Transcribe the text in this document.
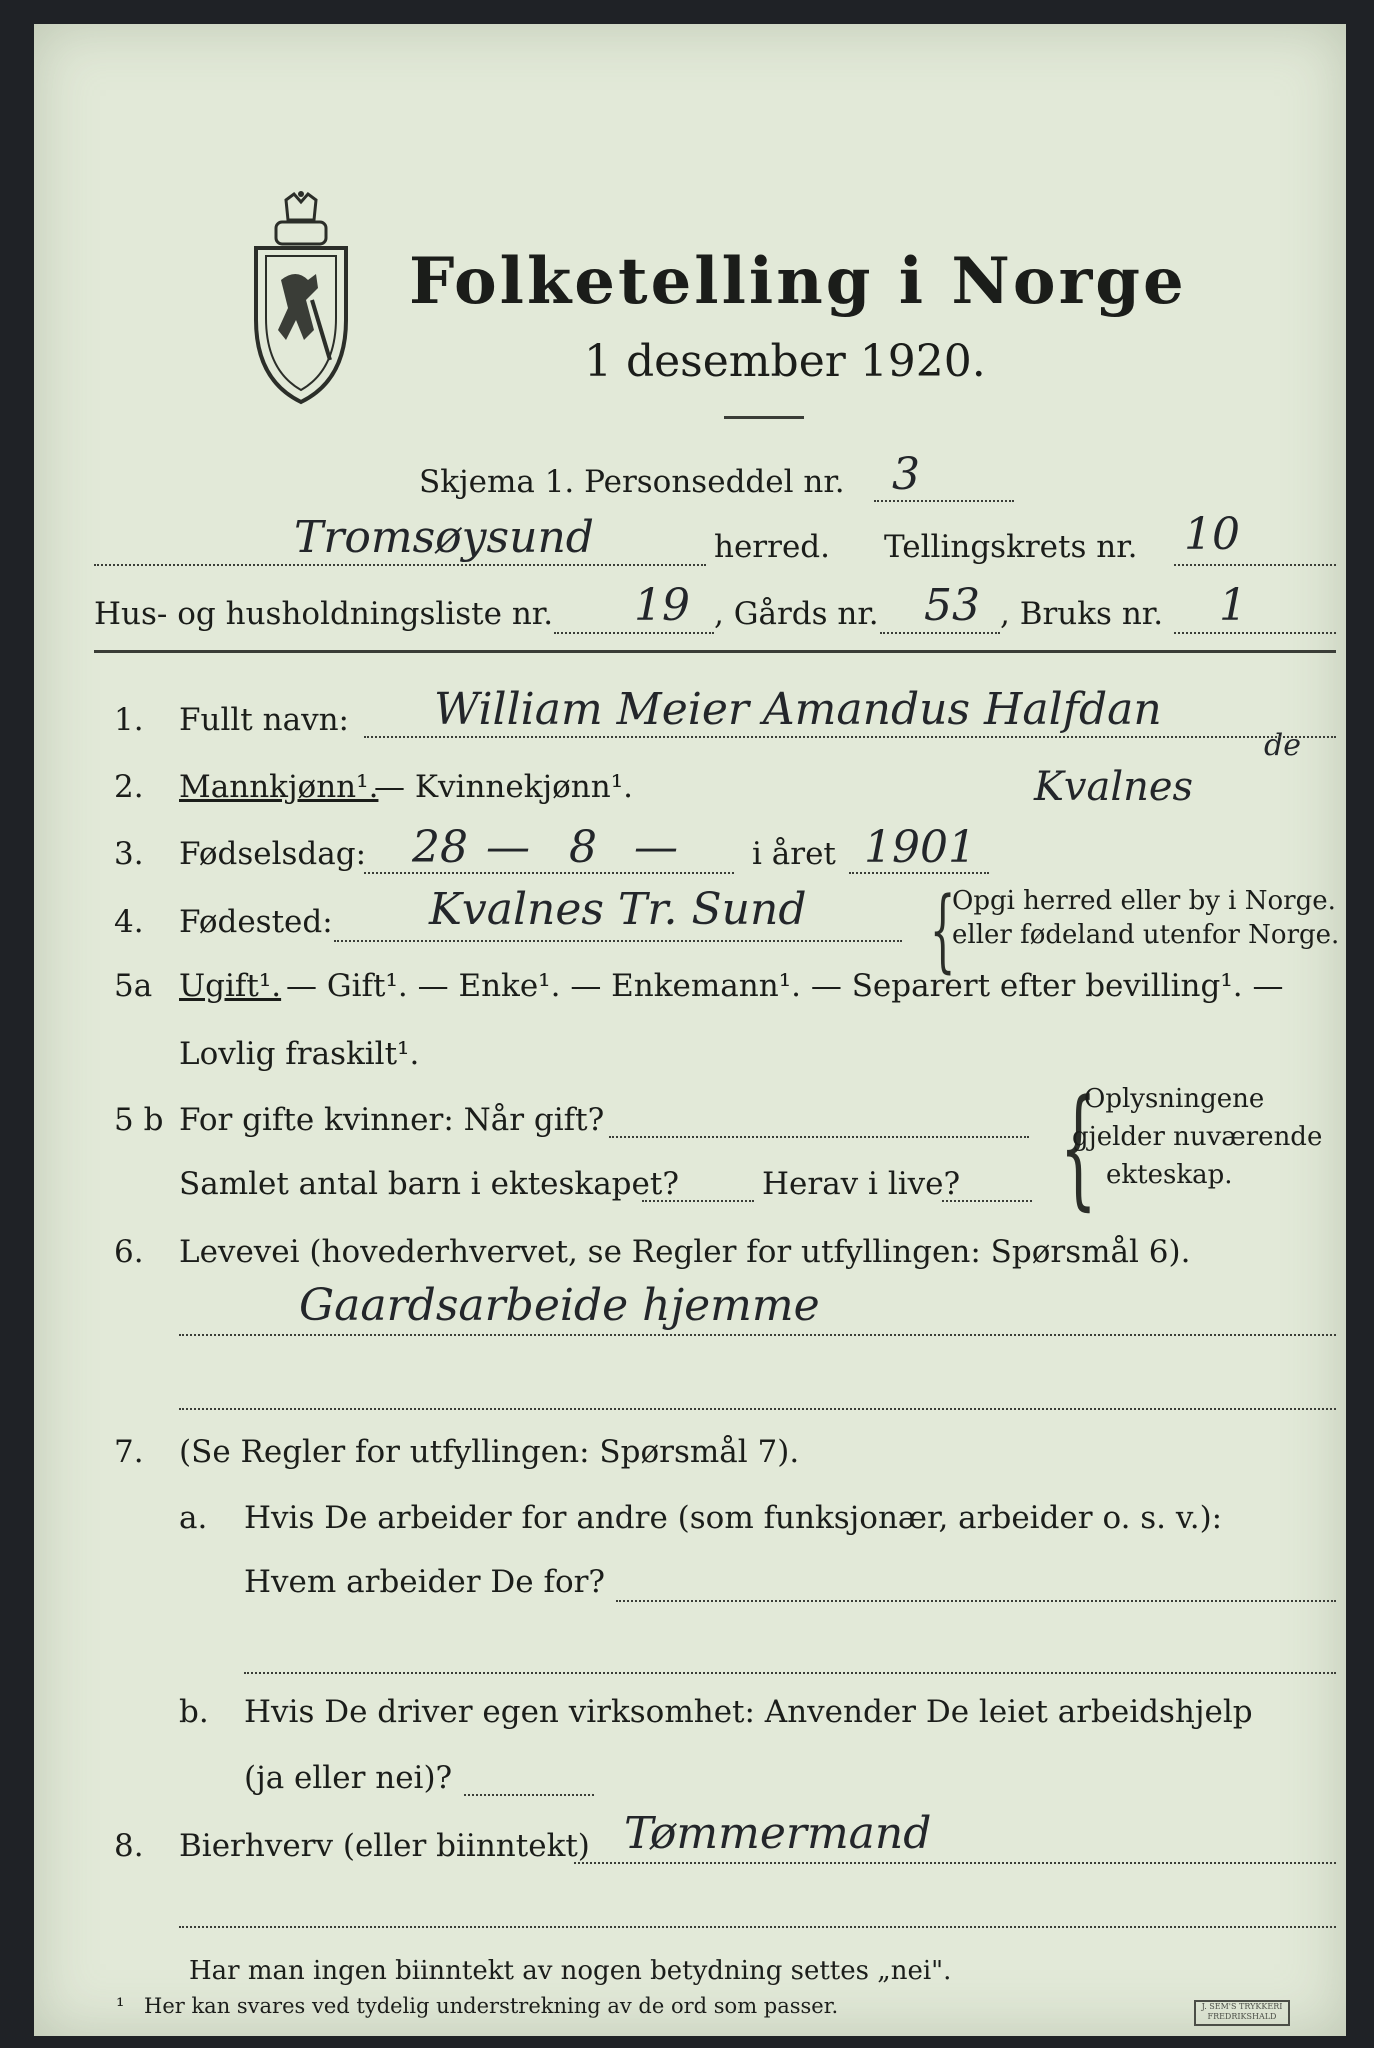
Folketelling i Norge
1 desember 1920.
Skjema 1. Personseddel nr. 3
Tromsøysund	herred. Tellingskrets nr. 10
Hus- og husholdningsliste nr. 19 , Gårds nr. 53 , Bruks nr. 1
1. Fullt navn: William Meier Amandus Halfdan
de
Kvalnes
2. Mannkjønn¹.
— Kvinnekjønn¹.
3. Fødselsdag: 28 — 8 — i året 1901
4. Fødested: Kvalnes Tr. Sund {
Opgi herred eller by i Norge.
eller fødeland utenfor Norge.
5a Ugift¹. — Gift¹. — Enke¹. — Enkemann¹. — Separert efter bevilling¹. —
Lovlig fraskilt¹.
5 b For gifte kvinner: Når gift?
Samlet antal barn i ekteskapet?	Herav i live? {
Oplysningene
gjelder nuværende
ekteskap.
6. Levevei (hovederhvervet, se Regler for utfyllingen: Spørsmål 6).
Gaardsarbeide hjemme
7. (Se Regler for utfyllingen: Spørsmål 7).
a. Hvis De arbeider for andre (som funksjonær, arbeider o. s. v.):
Hvem arbeider De for?
b. Hvis De driver egen virksomhet: Anvender De leiet arbeidshjelp
(ja eller nei)?
8. Bierhverv (eller biinntekt) Tømmermand
Har man ingen biinntekt av nogen betydning settes „nei".
¹ Her kan svares ved tydelig understrekning av de ord som passer.	J. SEM'S TRYKKERI
FREDRIKSHALD
